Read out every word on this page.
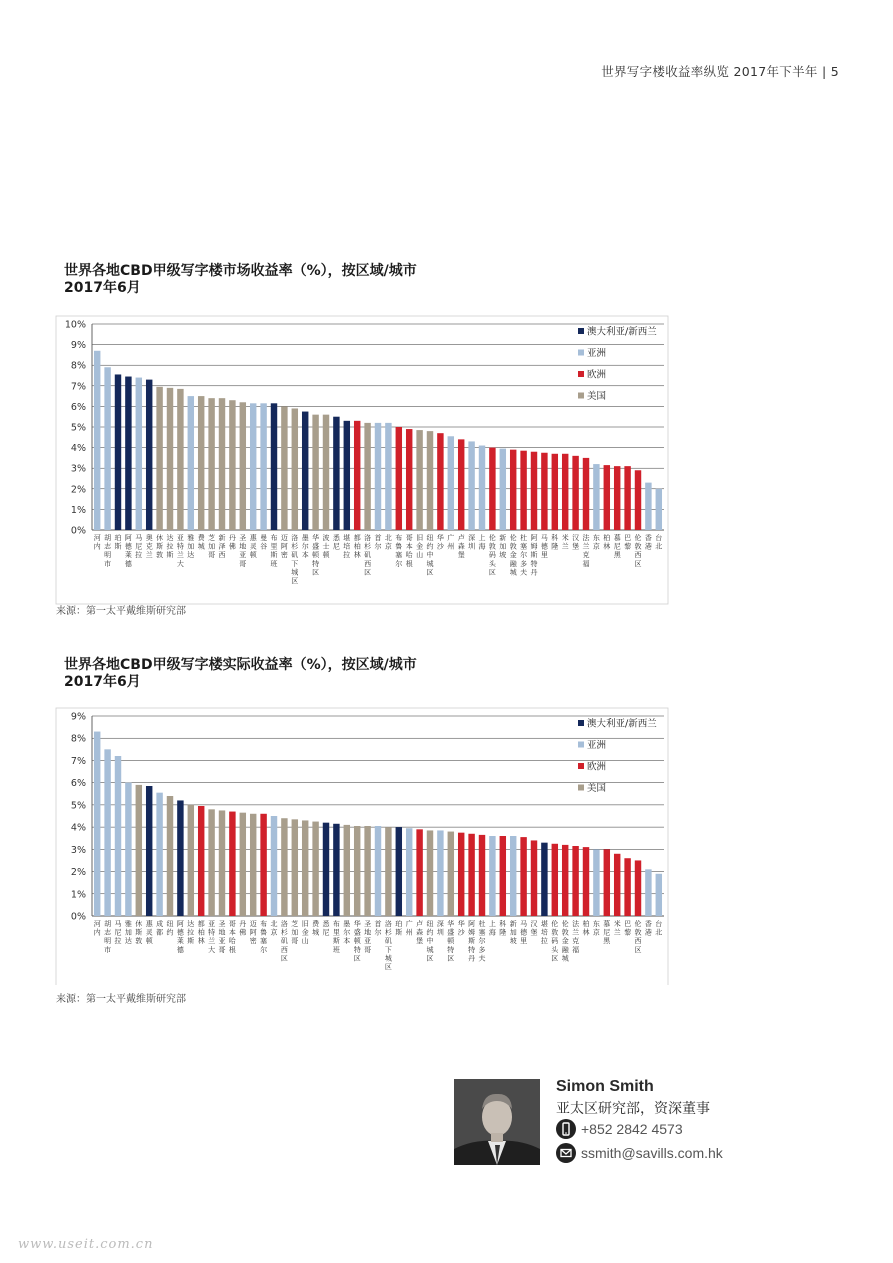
世界写字楼收益率纵览 2017年下半年 | 5
世界各地CBD甲级写字楼市场收益率（%），按区域/城市
2017年6月
0%
1%
2%
3%
4%
5%
6%
7%
8%
9%
10%
河内
胡志明市
珀斯
阿德莱德
马尼拉
奥克兰
休斯敦
达拉斯
亚特兰大
雅加达
费城
芝加哥
新泽西
丹佛
圣地亚哥
惠灵顿
曼谷
布里斯班
迈阿密
洛杉矶下城区
墨尔本
华盛顿特区
波士顿
悉尼
堪培拉
都柏林
洛杉矶西区
首尔
北京
布鲁塞尔
哥本哈根
旧金山
纽约中城区
华沙
广州
卢森堡
深圳
上海
伦敦码头区
新加坡
伦敦金融城
杜塞尔多夫
阿姆斯特丹
马德里
科隆
米兰
汉堡
法兰克福
东京
柏林
慕尼黑
巴黎
伦敦西区
香港
台北
澳大利亚/新西兰
亚洲
欧洲
美国
来源：第一太平戴维斯研究部
世界各地CBD甲级写字楼实际收益率（%），按区域/城市
2017年6月
0%
1%
2%
3%
4%
5%
6%
7%
8%
9%
河内
胡志明市
马尼拉
雅加达
休斯敦
惠灵顿
成都
纽约
阿德莱德
达拉斯
都柏林
亚特兰大
圣地亚哥
哥本哈根
丹佛
迈阿密
布鲁塞尔
北京
洛杉矶西区
芝加哥
旧金山
费城
悉尼
布里斯班
墨尔本
华盛顿特区
圣地亚哥
首尔
洛杉矶下城区
珀斯
广州
卢森堡
纽约中城区
深圳
华盛顿特区
华沙
阿姆斯特丹
杜塞尔多夫
上海
科隆
新加坡
马德里
汉堡
堪培拉
伦敦码头区
伦敦金融城
法兰克福
柏林
东京
慕尼黑
米兰
巴黎
伦敦西区
香港
台北
澳大利亚/新西兰
亚洲
欧洲
美国
来源：第一太平戴维斯研究部
Simon Smith
亚太区研究部，资深董事
+852 2842 4573
ssmith@savills.com.hk
www.useit.com.cn
